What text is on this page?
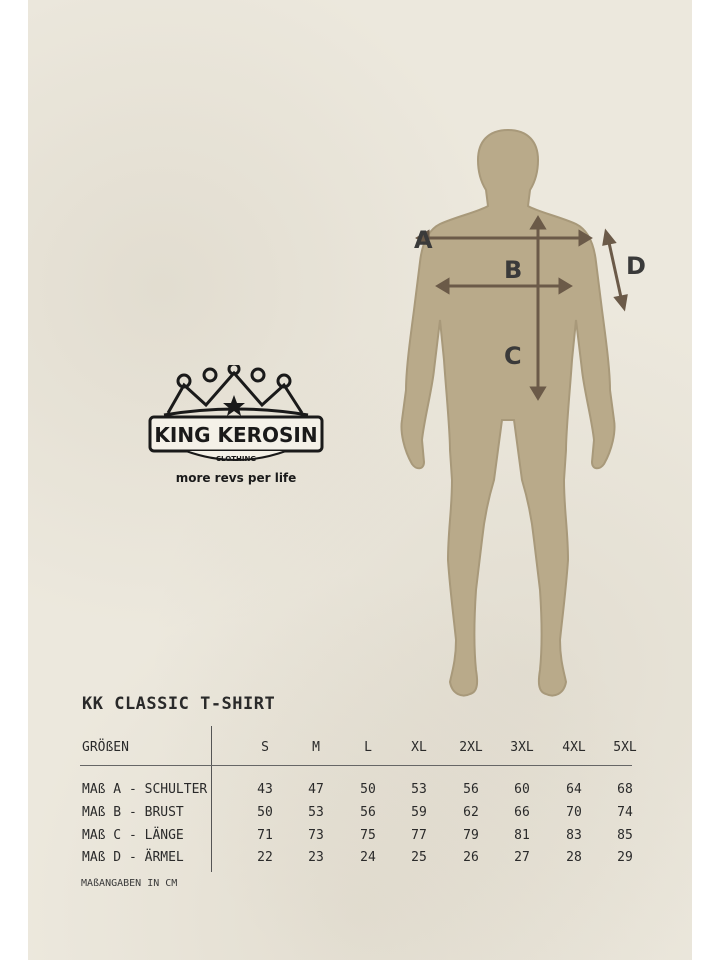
A
B
C
D
KING KEROSIN
CLOTHING
more revs per life
KK CLASSIC T-SHIRT
GRÖßEN	S	M	L	XL	2XL	3XL	4XL	5XL
MAß A - SCHULTER	43	47	50	53	56	60	64	68
MAß B - BRUST	50	53	56	59	62	66	70	74
MAß C - LÄNGE	71	73	75	77	79	81	83	85
MAß D - ÄRMEL	22	23	24	25	26	27	28	29
MAßANGABEN IN CM
